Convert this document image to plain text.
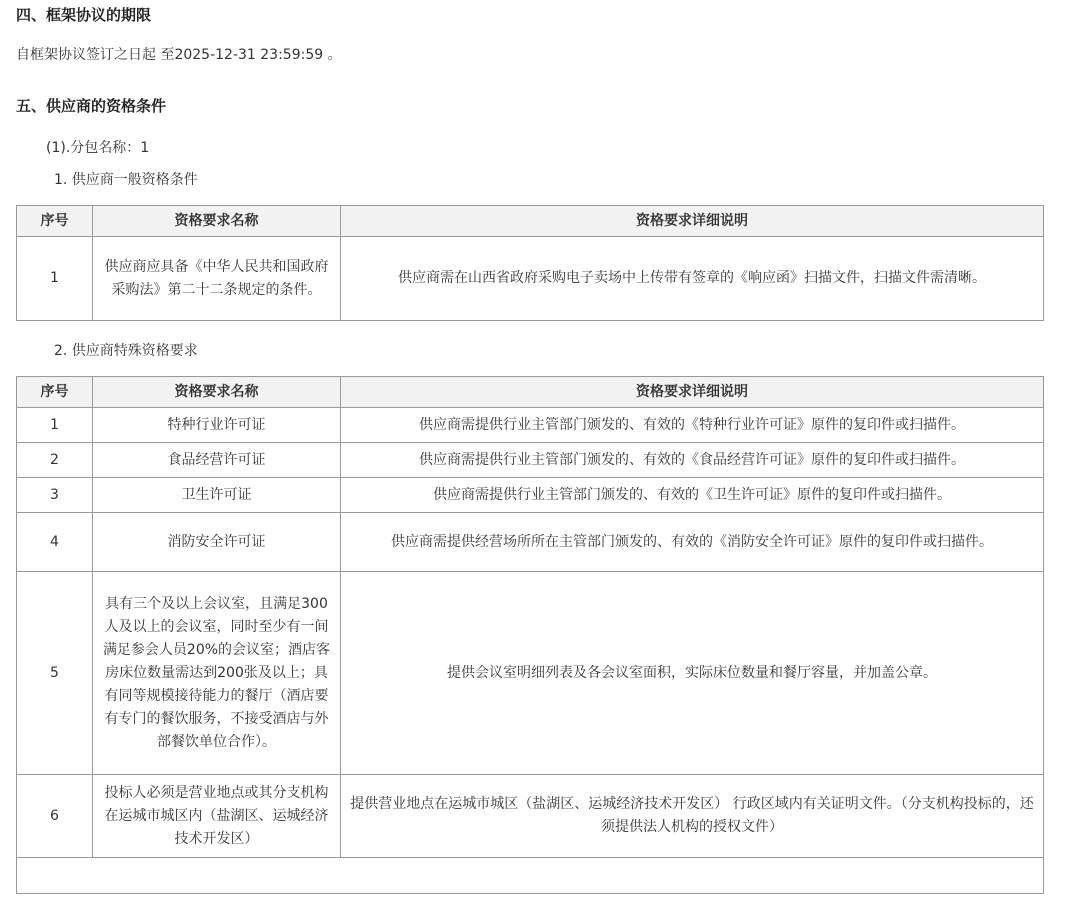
四、框架协议的期限
自框架协议签订之日起 至2025-12-31 23:59:59 。
五、供应商的资格条件
(1).分包名称：1
1. 供应商一般资格条件
序号	资格要求名称	资格要求详细说明
1	供应商应具备《中华人民共和国政府采购法》第二十二条规定的条件。	供应商需在山西省政府采购电子卖场中上传带有签章的《响应函》扫描文件，扫描文件需清晰。
2. 供应商特殊资格要求
序号	资格要求名称	资格要求详细说明
1	特种行业许可证	供应商需提供行业主管部门颁发的、有效的《特种行业许可证》原件的复印件或扫描件。
2	食品经营许可证	供应商需提供行业主管部门颁发的、有效的《食品经营许可证》原件的复印件或扫描件。
3	卫生许可证	供应商需提供行业主管部门颁发的、有效的《卫生许可证》原件的复印件或扫描件。
4	消防安全许可证	供应商需提供经营场所所在主管部门颁发的、有效的《消防安全许可证》原件的复印件或扫描件。
5	具有三个及以上会议室，且满足300人及以上的会议室，同时至少有一间满足参会人员20%的会议室；酒店客房床位数量需达到200张及以上；具有同等规模接待能力的餐厅（酒店要有专门的餐饮服务，不接受酒店与外部餐饮单位合作）。	提供会议室明细列表及各会议室面积，实际床位数量和餐厅容量，并加盖公章。
6	投标人必须是营业地点或其分支机构在运城市城区内（盐湖区、运城经济技术开发区）	提供营业地点在运城市城区（盐湖区、运城经济技术开发区） 行政区域内有关证明文件。（分支机构投标的，还须提供法人机构的授权文件）
